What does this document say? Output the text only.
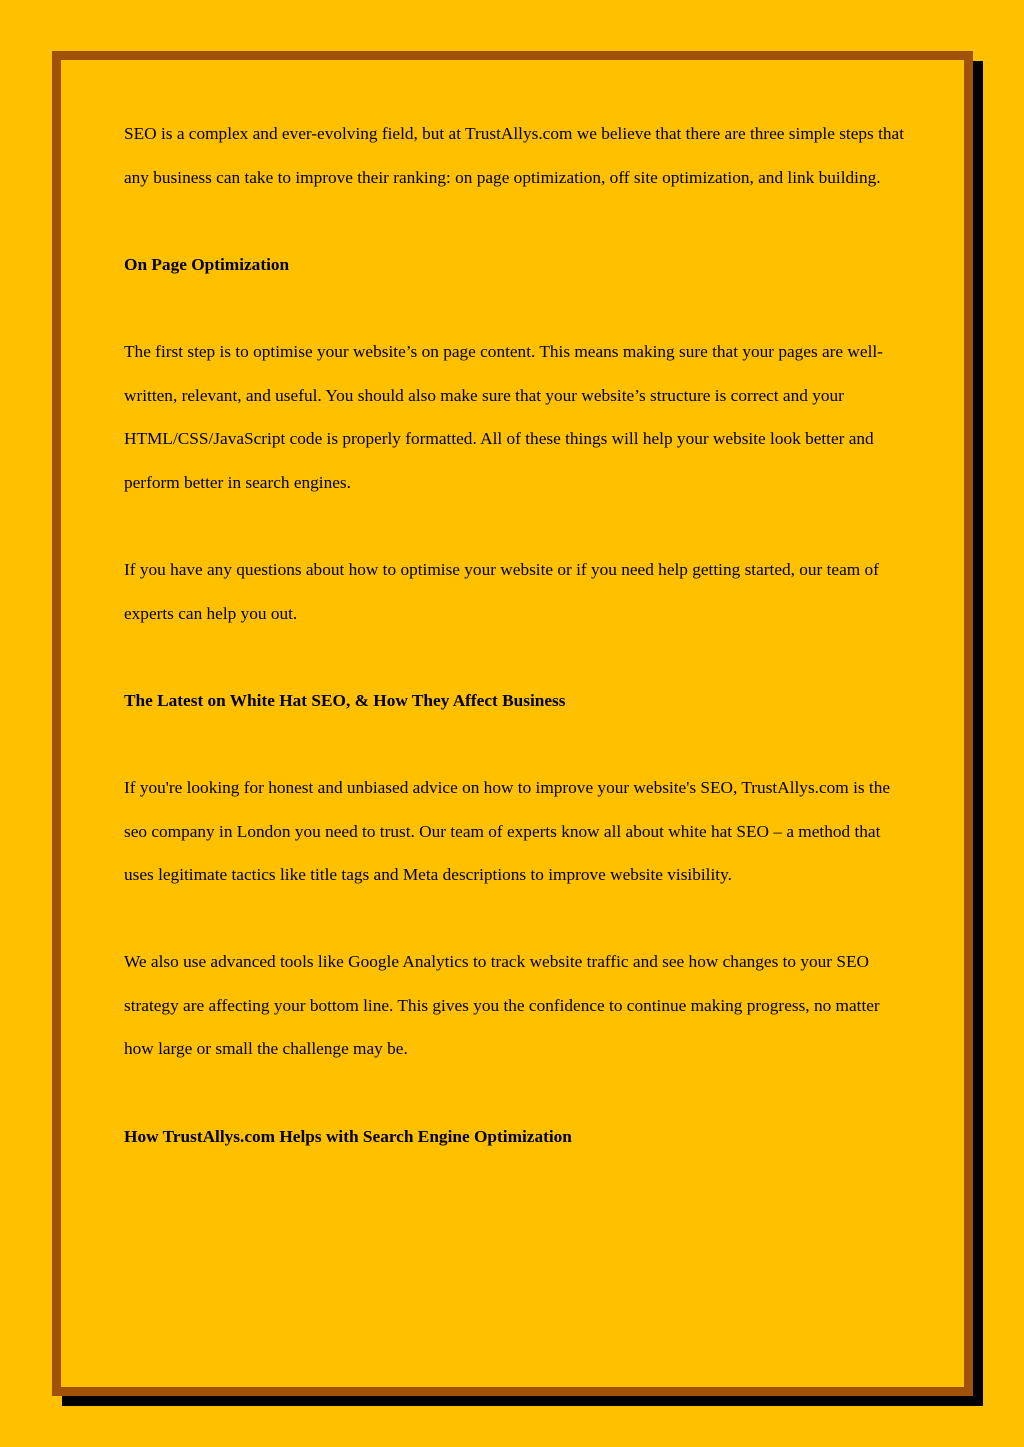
SEO is a complex and ever-evolving field, but at TrustAllys.com we believe that there are three simple steps that any business can take to improve their ranking: on page optimization, off site optimization, and link building.

On Page Optimization

The first step is to optimise your website’s on page content. This means making sure that your pages are well-written, relevant, and useful. You should also make sure that your website’s structure is correct and your HTML/CSS/JavaScript code is properly formatted. All of these things will help your website look better and perform better in search engines.

If you have any questions about how to optimise your website or if you need help getting started, our team of experts can help you out.

The Latest on White Hat SEO, & How They Affect Business

If you're looking for honest and unbiased advice on how to improve your website's SEO, TrustAllys.com is the seo company in London you need to trust. Our team of experts know all about white hat SEO – a method that uses legitimate tactics like title tags and Meta descriptions to improve website visibility.

We also use advanced tools like Google Analytics to track website traffic and see how changes to your SEO strategy are affecting your bottom line. This gives you the confidence to continue making progress, no matter how large or small the challenge may be.

How TrustAllys.com Helps with Search Engine Optimization
